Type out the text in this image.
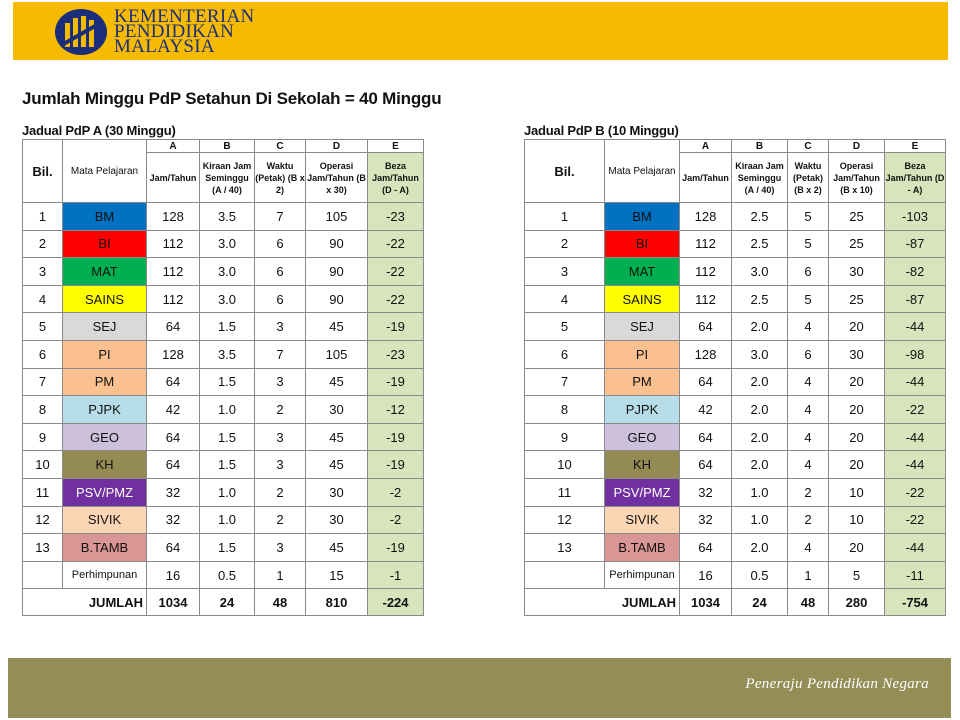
KEMENTERIAN
PENDIDIKAN
MALAYSIA
Jumlah Minggu PdP Setahun Di Sekolah = 40 Minggu
Jadual PdP A (30 Minggu)
Bil.	Mata Pelajaran	A	B	C	D	E
		Jam/Tahun	Kiraan Jam Seminggu (A / 40)	Waktu (Petak) (B x 2)	Operasi Jam/Tahun (B x 30)	Beza Jam/Tahun (D - A)
1	BM	128	3.5	7	105	-23
2	BI	112	3.0	6	90	-22
3	MAT	112	3.0	6	90	-22
4	SAINS	112	3.0	6	90	-22
5	SEJ	64	1.5	3	45	-19
6	PI	128	3.5	7	105	-23
7	PM	64	1.5	3	45	-19
8	PJPK	42	1.0	2	30	-12
9	GEO	64	1.5	3	45	-19
10	KH	64	1.5	3	45	-19
11	PSV/PMZ	32	1.0	2	30	-2
12	SIVIK	32	1.0	2	30	-2
13	B.TAMB	64	1.5	3	45	-19
	Perhimpunan	16	0.5	1	15	-1
JUMLAH		1034	24	48	810	-224
Jadual PdP B (10 Minggu)
Bil.	Mata Pelajaran	A	B	C	D	E
		Jam/Tahun	Kiraan Jam Seminggu (A / 40)	Waktu (Petak) (B x 2)	Operasi Jam/Tahun (B x 10)	Beza Jam/Tahun (D - A)
1	BM	128	2.5	5	25	-103
2	BI	112	2.5	5	25	-87
3	MAT	112	3.0	6	30	-82
4	SAINS	112	2.5	5	25	-87
5	SEJ	64	2.0	4	20	-44
6	PI	128	3.0	6	30	-98
7	PM	64	2.0	4	20	-44
8	PJPK	42	2.0	4	20	-22
9	GEO	64	2.0	4	20	-44
10	KH	64	2.0	4	20	-44
11	PSV/PMZ	32	1.0	2	10	-22
12	SIVIK	32	1.0	2	10	-22
13	B.TAMB	64	2.0	4	20	-44
	Perhimpunan	16	0.5	1	5	-11
JUMLAH		1034	24	48	280	-754
Peneraju Pendidikan Negara
